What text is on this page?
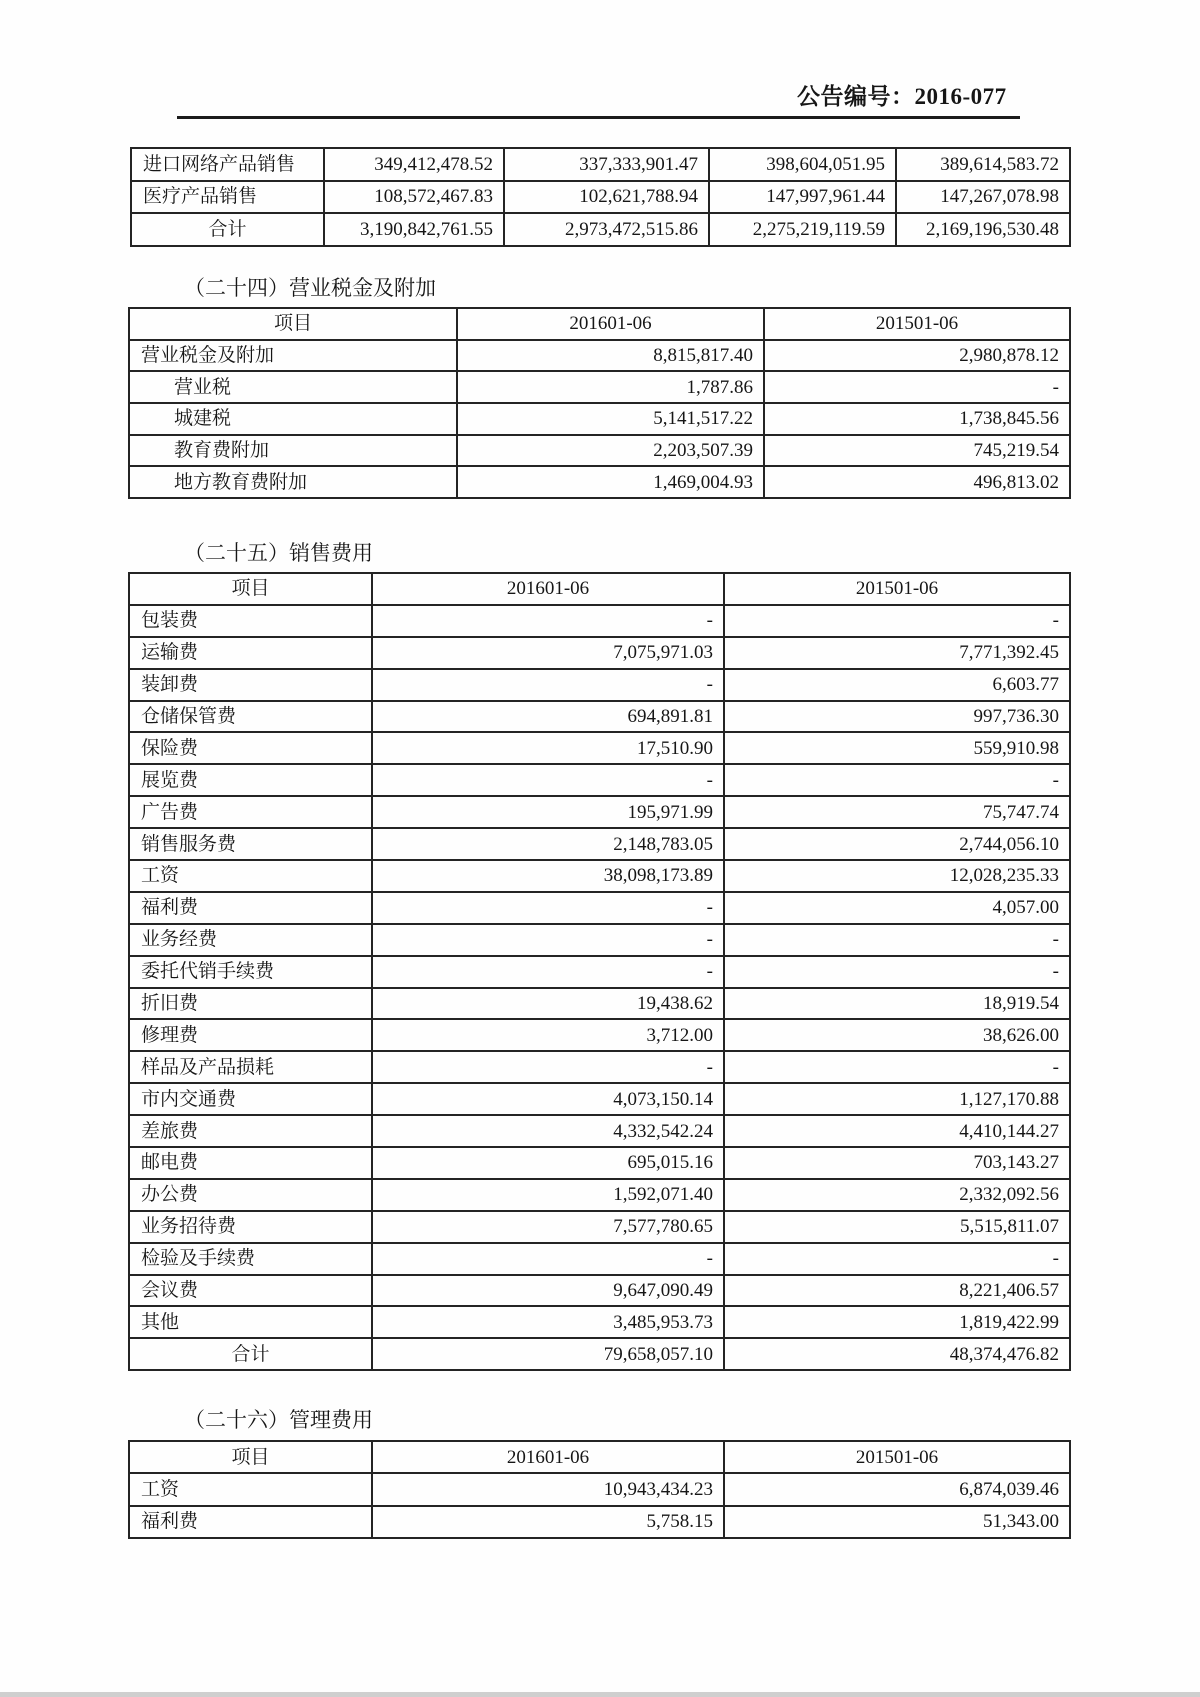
公告编号：2016-077
进口网络产品销售	349,412,478.52	337,333,901.47	398,604,051.95	389,614,583.72
医疗产品销售	108,572,467.83	102,621,788.94	147,997,961.44	147,267,078.98
合计	3,190,842,761.55	2,973,472,515.86	2,275,219,119.59	2,169,196,530.48
（二十四）营业税金及附加
项目	201601-06	201501-06
营业税金及附加	8,815,817.40	2,980,878.12
营业税	1,787.86	-
城建税	5,141,517.22	1,738,845.56
教育费附加	2,203,507.39	745,219.54
地方教育费附加	1,469,004.93	496,813.02
（二十五）销售费用
项目	201601-06	201501-06
包装费	-	-
运输费	7,075,971.03	7,771,392.45
装卸费	-	6,603.77
仓储保管费	694,891.81	997,736.30
保险费	17,510.90	559,910.98
展览费	-	-
广告费	195,971.99	75,747.74
销售服务费	2,148,783.05	2,744,056.10
工资	38,098,173.89	12,028,235.33
福利费	-	4,057.00
业务经费	-	-
委托代销手续费	-	-
折旧费	19,438.62	18,919.54
修理费	3,712.00	38,626.00
样品及产品损耗	-	-
市内交通费	4,073,150.14	1,127,170.88
差旅费	4,332,542.24	4,410,144.27
邮电费	695,015.16	703,143.27
办公费	1,592,071.40	2,332,092.56
业务招待费	7,577,780.65	5,515,811.07
检验及手续费	-	-
会议费	9,647,090.49	8,221,406.57
其他	3,485,953.73	1,819,422.99
合计	79,658,057.10	48,374,476.82
（二十六）管理费用
项目	201601-06	201501-06
工资	10,943,434.23	6,874,039.46
福利费	5,758.15	51,343.00
